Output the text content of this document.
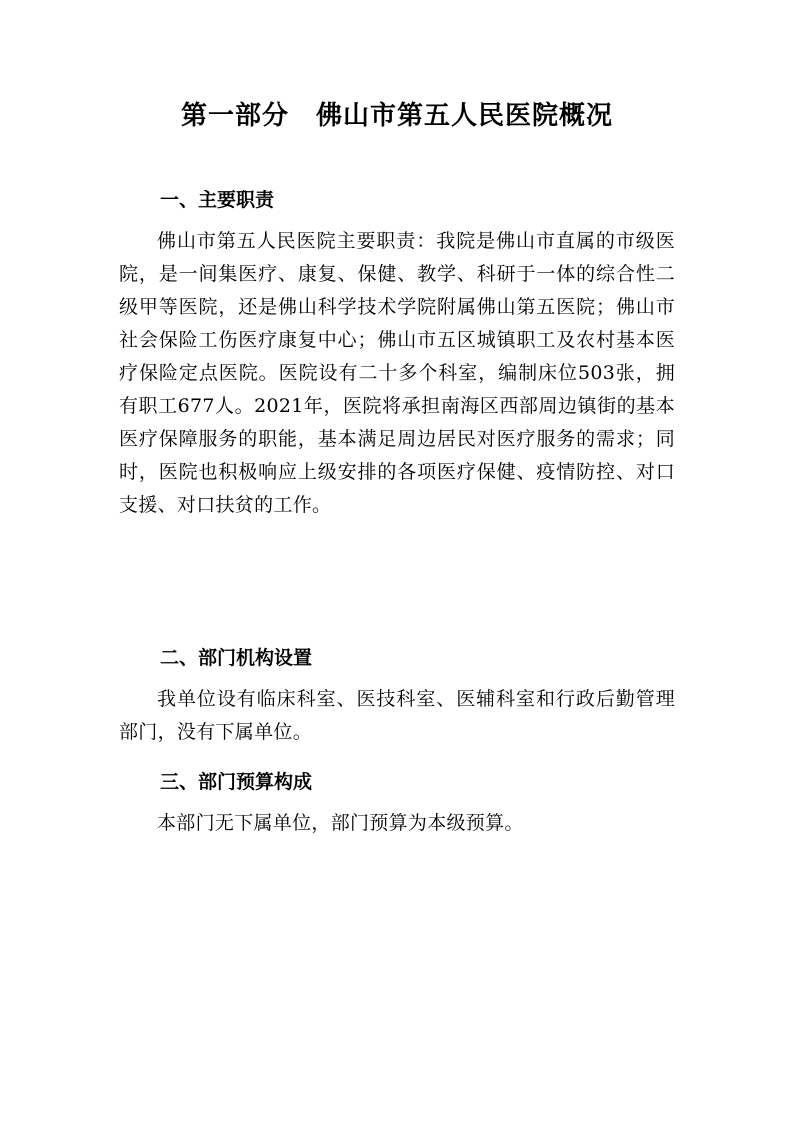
第一部分　佛山市第五人民医院概况
一、主要职责

佛山市第五人民医院主要职责：我院是佛山市直属的市级医院，是一间集医疗、康复、保健、教学、科研于一体的综合性二级甲等医院，还是佛山科学技术学院附属佛山第五医院；佛山市社会保险工伤医疗康复中心；佛山市五区城镇职工及农村基本医疗保险定点医院。医院设有二十多个科室，编制床位503张，拥有职工677人。2021年，医院将承担南海区西部周边镇街的基本医疗保障服务的职能，基本满足周边居民对医疗服务的需求；同时，医院也积极响应上级安排的各项医疗保健、疫情防控、对口支援、对口扶贫的工作。

二、部门机构设置

我单位设有临床科室、医技科室、医辅科室和行政后勤管理部门，没有下属单位。

三、部门预算构成

本部门无下属单位，部门预算为本级预算。
